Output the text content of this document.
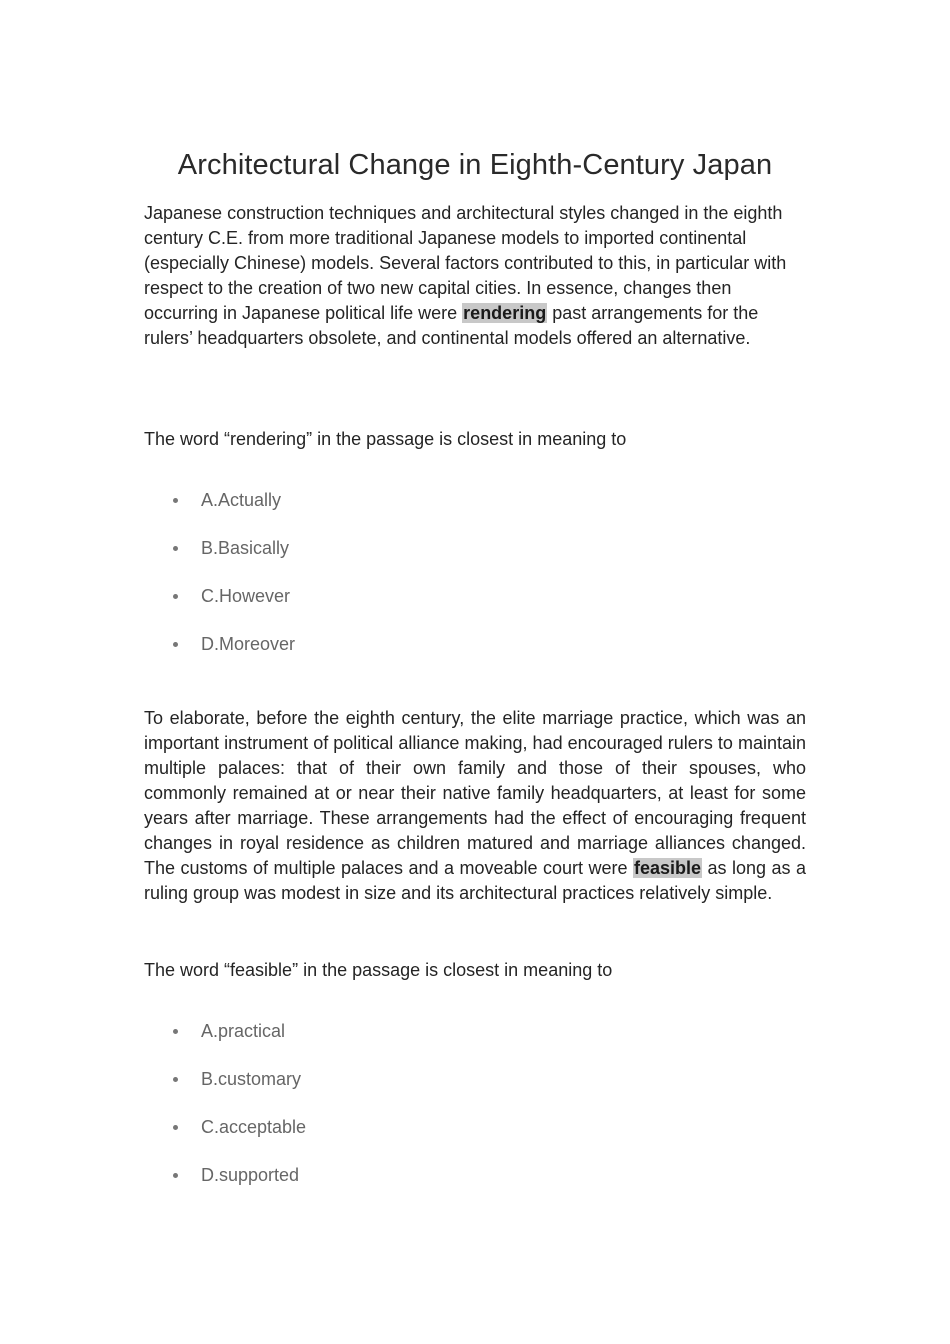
Architectural Change in Eighth-Century Japan

Japanese construction techniques and architectural styles changed in the eighth century C.E. from more traditional Japanese models to imported continental (especially Chinese) models. Several factors contributed to this, in particular with respect to the creation of two new capital cities. In essence, changes then occurring in Japanese political life were rendering past arrangements for the rulers’ headquarters obsolete, and continental models offered an alternative.

The word “rendering” in the passage is closest in meaning to

A.Actually
B.Basically
C.However
D.Moreover

To elaborate, before the eighth century, the elite marriage practice, which was an important instrument of political alliance making, had encouraged rulers to maintain multiple palaces: that of their own family and those of their spouses, who commonly remained at or near their native family headquarters, at least for some years after marriage. These arrangements had the effect of encouraging frequent changes in royal residence as children matured and marriage alliances changed. The customs of multiple palaces and a moveable court were feasible as long as a ruling group was modest in size and its architectural practices relatively simple.

The word “feasible” in the passage is closest in meaning to

A.practical
B.customary
C.acceptable
D.supported
